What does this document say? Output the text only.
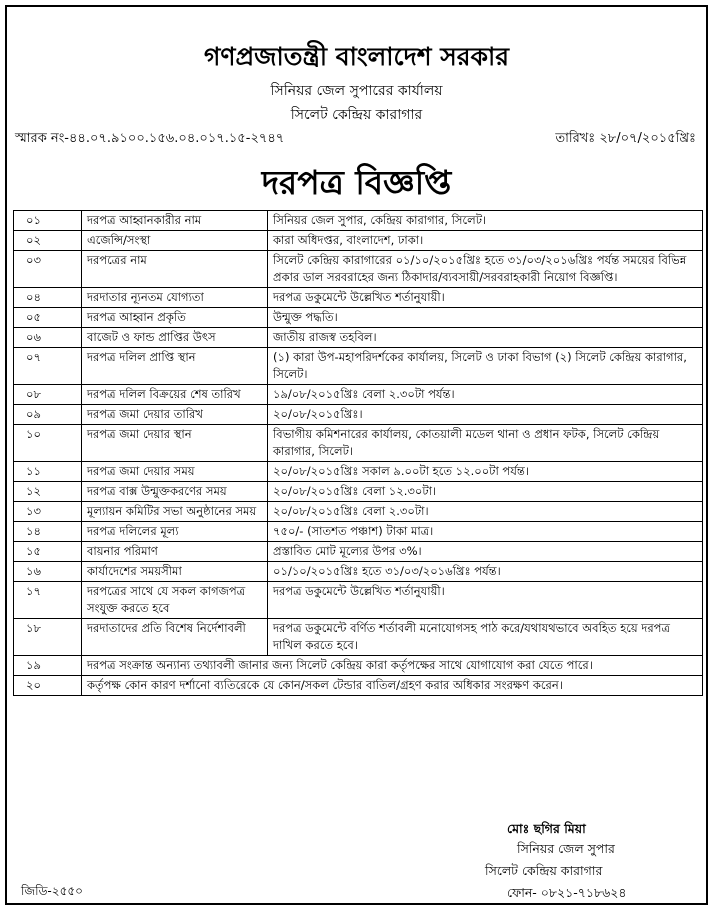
গণপ্রজাতন্ত্রী বাংলাদেশ সরকার
সিনিয়র জেল সুপারের কার্যালয়
সিলেট কেন্দ্রিয় কারাগার
স্মারক নং-৪৪.০৭.৯১০০.১৫৬.০৪.০১৭.১৫-২৭৪৭	তারিখঃ ২৮/০৭/২০১৫খ্রিঃ
দরপত্র বিজ্ঞপ্তি
০১	দরপত্র আহ্বানকারীর নাম	সিনিয়র জেল সুপার, কেন্দ্রিয় কারাগার, সিলেট।
০২	এজেন্সি/সংস্থা	কারা অধিদপ্তর, বাংলাদেশ, ঢাকা।
০৩	দরপত্রের নাম	সিলেট কেন্দ্রিয় কারাগারের ০১/১০/২০১৫খ্রিঃ হতে ৩১/০৩/২০১৬খ্রিঃ পর্যন্ত সময়ের বিভিন্ন প্রকার ডাল সরবরাহের জন্য ঠিকাদার/ব্যবসায়ী/সরবরাহকারী নিয়োগ বিজ্ঞপ্তি।
০৪	দরদাতার ন্যূনতম যোগ্যতা	দরপত্র ডকুমেন্টে উল্লেখিত শর্তানুযায়ী।
০৫	দরপত্র আহ্বান প্রকৃতি	উন্মুক্ত পদ্ধতি।
০৬	বাজেট ও ফান্ড প্রাপ্তির উৎস	জাতীয় রাজস্ব তহবিল।
০৭	দরপত্র দলিল প্রাপ্তি স্থান	(১) কারা উপ-মহাপরিদর্শকের কার্যালয়, সিলেট ও ঢাকা বিভাগ (২) সিলেট কেন্দ্রিয় কারাগার, সিলেট।
০৮	দরপত্র দলিল বিক্রয়ের শেষ তারিখ	১৯/০৮/২০১৫খ্রিঃ বেলা ২.৩০টা পর্যন্ত।
০৯	দরপত্র জমা দেয়ার তারিখ	২০/০৮/২০১৫খ্রিঃ।
১০	দরপত্র জমা দেয়ার স্থান	বিভাগীয় কমিশনারের কার্যালয়, কোতয়ালী মডেল থানা ও প্রধান ফটক, সিলেট কেন্দ্রিয় কারাগার, সিলেট।
১১	দরপত্র জমা দেয়ার সময়	২০/০৮/২০১৫খ্রিঃ সকাল ৯.০০টা হতে ১২.০০টা পর্যন্ত।
১২	দরপত্র বাক্স উন্মুক্তকরণের সময়	২০/০৮/২০১৫খ্রিঃ বেলা ১২.৩০টা।
১৩	মূল্যায়ন কমিটির সভা অনুষ্ঠানের সময়	২০/০৮/২০১৫খ্রিঃ বেলা ২.৩০টা।
১৪	দরপত্র দলিলের মূল্য	৭৫০/- (সাতশত পঞ্চাশ) টাকা মাত্র।
১৫	বায়নার পরিমাণ	প্রস্তাবিত মোট মূল্যের উপর ৩%।
১৬	কার্যাদেশের সময়সীমা	০১/১০/২০১৫খ্রিঃ হতে ৩১/০৩/২০১৬খ্রিঃ পর্যন্ত।
১৭	দরপত্রের সাথে যে সকল কাগজপত্র সংযুক্ত করতে হবে	দরপত্র ডকুমেন্টে উল্লেখিত শর্তানুযায়ী।
১৮	দরদাতাদের প্রতি বিশেষ নির্দেশাবলী	দরপত্র ডকুমেন্টে বর্ণিত শর্তাবলী মনোযোগসহ পাঠ করে/যথাযথভাবে অবহিত হয়ে দরপত্র দাখিল করতে হবে।
১৯	দরপত্র সংক্রান্ত অন্যান্য তথ্যাবলী জানার জন্য সিলেট কেন্দ্রিয় কারা কর্তৃপক্ষের সাথে যোগাযোগ করা যেতে পারে।	
২০	কর্তৃপক্ষ কোন কারণ দর্শানো ব্যতিরেকে যে কোন/সকল টেন্ডার বাতিল/গ্রহণ করার অধিকার সংরক্ষণ করেন।	
মোঃ ছগির মিয়া
সিনিয়র জেল সুপার
সিলেট কেন্দ্রিয় কারাগার
ফোন- ০৮২১-৭১৮৬২৪
জিডি-২৫৫০
